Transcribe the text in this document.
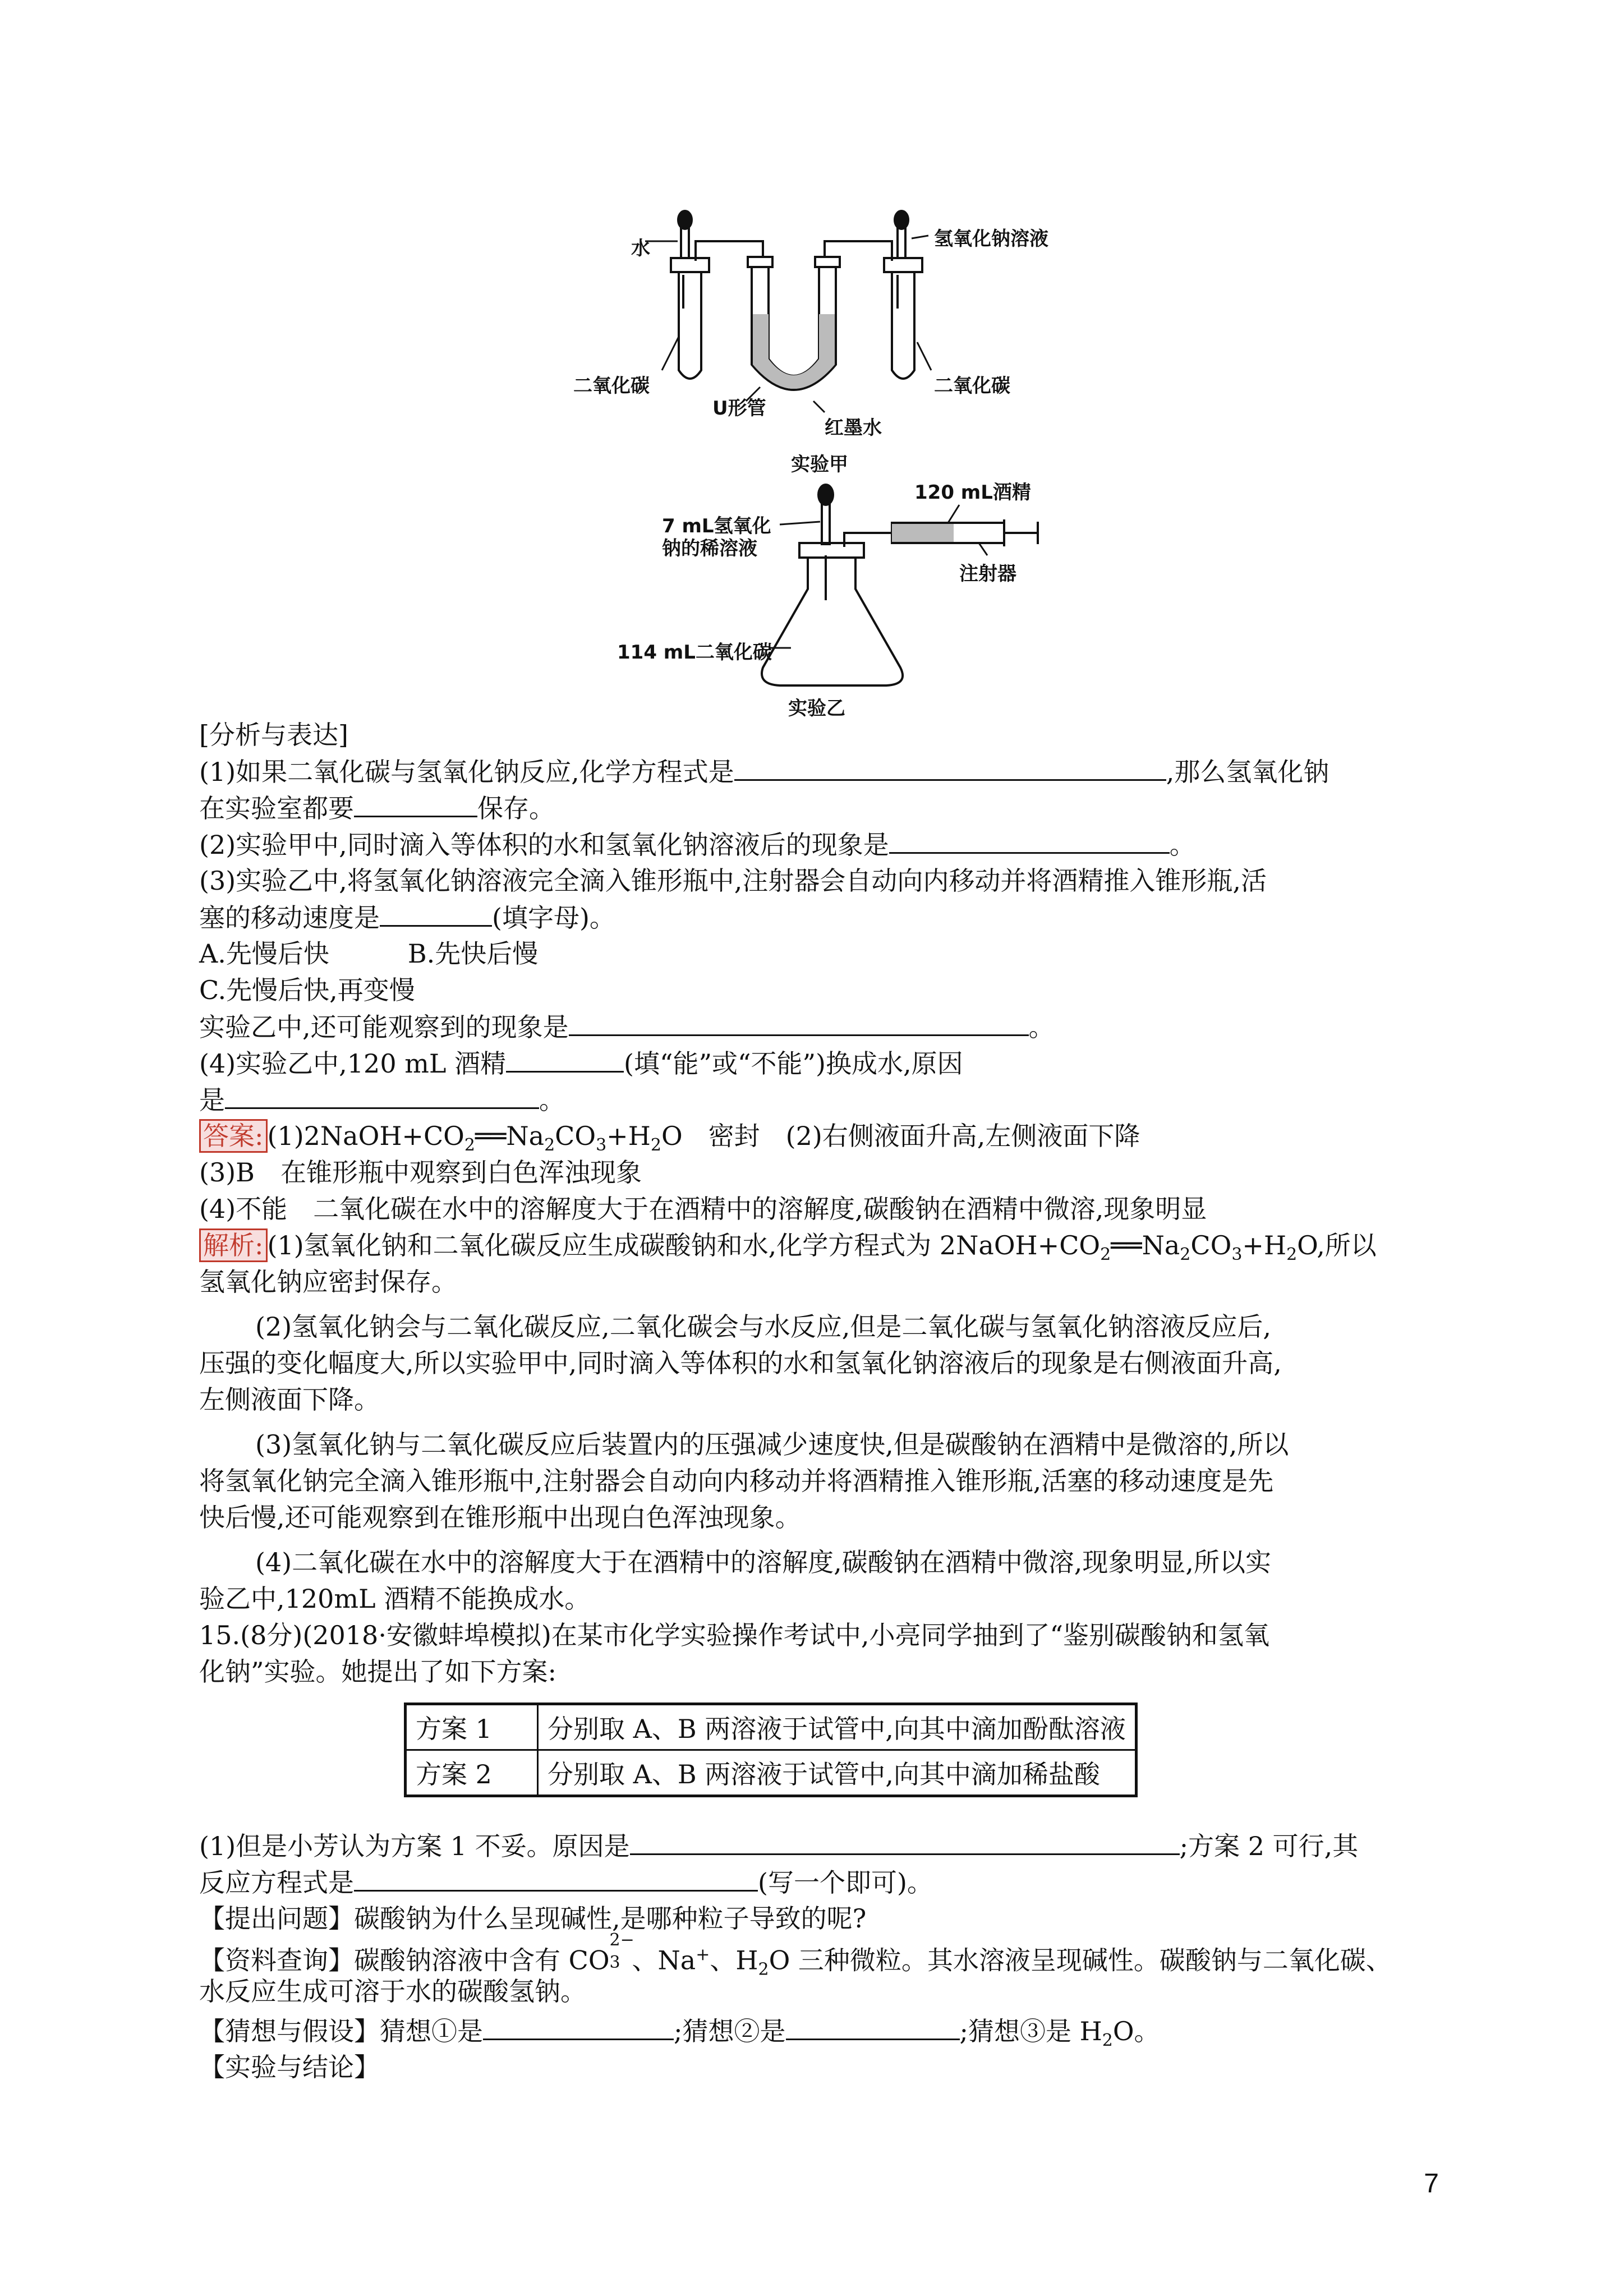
水	氢氧化钠溶液
二氧化碳	二氧化碳
U形管
红墨水
实验甲
120 mL酒精
7 mL氢氧化
钠的稀溶液
注射器
114 mL二氧化碳
实验乙
[分析与表达]
(1)如果二氧化碳与氢氧化钠反应,化学方程式是	,那么氢氧化钠
在实验室都要	保存。
(2)实验甲中,同时滴入等体积的水和氢氧化钠溶液后的现象是	。
(3)实验乙中,将氢氧化钠溶液完全滴入锥形瓶中,注射器会自动向内移动并将酒精推入锥形瓶,活
塞的移动速度是	(填字母)。
A.先慢后快	B.先快后慢
C.先慢后快,再变慢
实验乙中,还可能观察到的现象是	。
(4)实验乙中,120 mL 酒精	(填“能”或“不能”)换成水,原因
是	。
答案: $(1)2NaOH+CO_2══Na_2CO_3+H_2O$　密封　(2)右侧液面升高,左侧液面下降
(3)B　在锥形瓶中观察到白色浑浊现象
(4)不能　二氧化碳在水中的溶解度大于在酒精中的溶解度,碳酸钠在酒精中微溶,现象明显
解析: (1)氢氧化钠和二氧化碳反应生成碳酸钠和水,化学方程式为 $2NaOH+CO_2══Na_2CO_3+H_2O$,所以
氢氧化钠应密封保存。
(2)氢氧化钠会与二氧化碳反应,二氧化碳会与水反应,但是二氧化碳与氢氧化钠溶液反应后,
压强的变化幅度大,所以实验甲中,同时滴入等体积的水和氢氧化钠溶液后的现象是右侧液面升高,
左侧液面下降。
(3)氢氧化钠与二氧化碳反应后装置内的压强减少速度快,但是碳酸钠在酒精中是微溶的,所以
将氢氧化钠完全滴入锥形瓶中,注射器会自动向内移动并将酒精推入锥形瓶,活塞的移动速度是先
快后慢,还可能观察到在锥形瓶中出现白色浑浊现象。
(4)二氧化碳在水中的溶解度大于在酒精中的溶解度,碳酸钠在酒精中微溶,现象明显,所以实
验乙中,120mL 酒精不能换成水。
15.(8分)(2018·安徽蚌埠模拟)在某市化学实验操作考试中,小亮同学抽到了“鉴别碳酸钠和氢氧
化钠”实验。她提出了如下方案:
方案 1	分别取 A、B 两溶液于试管中,向其中滴加酚酞溶液
方案 2	分别取 A、B 两溶液于试管中,向其中滴加稀盐酸
(1)但是小芳认为方案 1 不妥。原因是	;方案 2 可行,其
反应方程式是	(写一个即可)。
【提出问题】碳酸钠为什么呈现碱性,是哪种粒子导致的呢?
【资料查询】碳酸钠溶液中含有 CO
2−
3 、Na+、$H_2O$ 三种微粒。其水溶液呈现碱性。碳酸钠与二氧化碳、
水反应生成可溶于水的碳酸氢钠。
【猜想与假设】猜想①是	;猜想②是	;猜想③是 $H_2O$。
【实验与结论】
7
